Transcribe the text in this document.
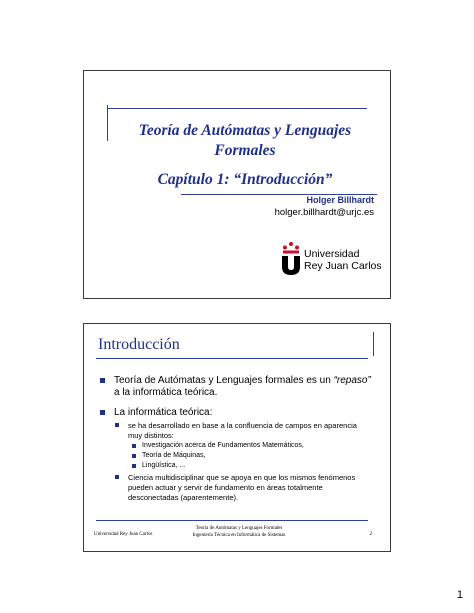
Teoría de Autómatas y Lenguajes Formales
Capítulo 1: “Introducción”
Holger Billhardt
holger.billhardt@urjc.es
Universidad
Rey Juan Carlos
Introducción
Teoría de Autómatas y Lenguajes formales es un “repaso” a la informática teórica.
La informática teórica:
se ha desarrollado en base a la confluencia de campos en aparencia muy distintos:
Investigación acerca de Fundamentos Matemáticos,
Teoría de Máquinas,
Lingüística, ...
Ciencia multidisciplinar que se apoya en que los mismos fenómenos pueden actuar y servir de fundamento en áreas totalmente desconectadas (aparentemente).
Universidad Rey Juan Carlos
Teoría de Autómatas y Lenguajes Formales
Ingeniería Técnica en Informática de Sistemas	2
1
